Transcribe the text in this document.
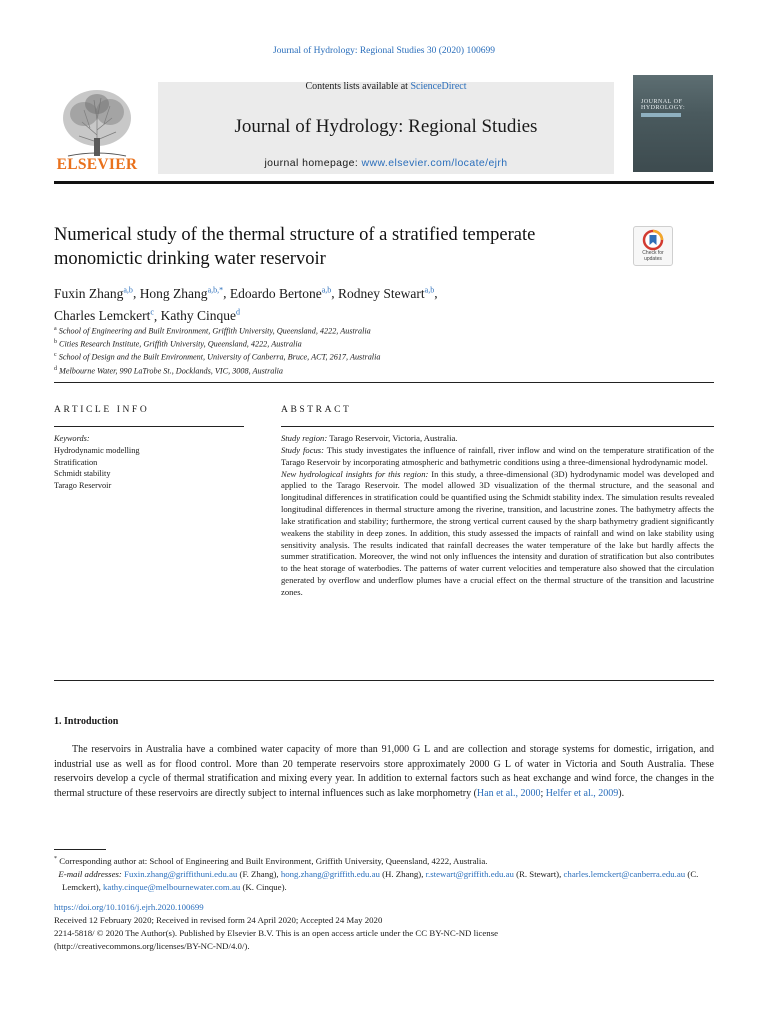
Journal of Hydrology: Regional Studies 30 (2020) 100699
ELSEVIER
Contents lists available at ScienceDirect
Journal of Hydrology: Regional Studies
journal homepage: www.elsevier.com/locate/ejrh
JOURNAL OF HYDROLOGY:
Numerical study of the thermal structure of a stratified temperate monomictic drinking water reservoir	Check for updates
Fuxin Zhang$^{a,b}$, Hong Zhang$^{a,b,*}$, Edoardo Bertone$^{a,b}$, Rodney Stewart$^{a,b}$,
Charles Lemckert$^c$, Kathy Cinque$^d$
$^a$ School of Engineering and Built Environment, Griffith University, Queensland, 4222, Australia
$^b$ Cities Research Institute, Griffith University, Queensland, 4222, Australia
$^c$ School of Design and the Built Environment, University of Canberra, Bruce, ACT, 2617, Australia
$^d$ Melbourne Water, 990 LaTrobe St., Docklands, VIC, 3008, Australia
ARTICLE INFO	ABSTRACT
Keywords:
Hydrodynamic modelling
Stratification
Schmidt stability
Tarago Reservoir

Study region: Tarago Reservoir, Victoria, Australia.

Study focus: This study investigates the influence of rainfall, river inflow and wind on the temperature stratification of the Tarago Reservoir by incorporating atmospheric and bathymetric conditions using a three-dimensional hydrodynamic model.

New hydrological insights for this region: In this study, a three-dimensional (3D) hydrodynamic model was developed and applied to the Tarago Reservoir. The model allowed 3D visualization of the thermal structure, and the seasonal and longitudinal differences in stratification could be quantified using the Schmidt stability index. The simulation results revealed longitudinal differences in thermal structure among the riverine, transition, and lacustrine zones. The bathymetry affects the lake stratification and stability; furthermore, the strong vertical current caused by the sharp bathymetry gradient significantly weakens the stability in deep zones. In addition, this study assessed the impacts of rainfall and wind on lake stability using sensitivity analysis. The results indicated that rainfall decreases the water temperature of the lake but hardly affects the summer stratification. Moreover, the wind not only influences the intensity and duration of stratification but also contributes to the heat storage of waterbodies. The patterns of water current velocities and temperature also showed that the circulation generated by overflow and underflow plumes have a crucial effect on the thermal structure of the transition and lacustrine zones.

1. Introduction

The reservoirs in Australia have a combined water capacity of more than 91,000 G L and are collection and storage systems for domestic, irrigation, and industrial use as well as for flood control. More than 20 temperate reservoirs store approximately 2000 G L of water in Victoria and South Australia. These reservoirs develop a cycle of thermal stratification and mixing every year. In addition to external factors such as heat exchange and wind force, the changes in the thermal structure of these reservoirs are directly subject to internal influences such as lake morphometry (Han et al., 2000; Helfer et al., 2009).

* Corresponding author at: School of Engineering and Built Environment, Griffith University, Queensland, 4222, Australia.
E-mail addresses: Fuxin.zhang@griffithuni.edu.au (F. Zhang), hong.zhang@griffith.edu.au (H. Zhang), r.stewart@griffith.edu.au (R. Stewart), charles.lemckert@canberra.edu.au (C. Lemckert), kathy.cinque@melbournewater.com.au (K. Cinque).
https://doi.org/10.1016/j.ejrh.2020.100699
Received 12 February 2020; Received in revised form 24 April 2020; Accepted 24 May 2020
2214-5818/ © 2020 The Author(s). Published by Elsevier B.V. This is an open access article under the CC BY-NC-ND license
(http://creativecommons.org/licenses/BY-NC-ND/4.0/).
